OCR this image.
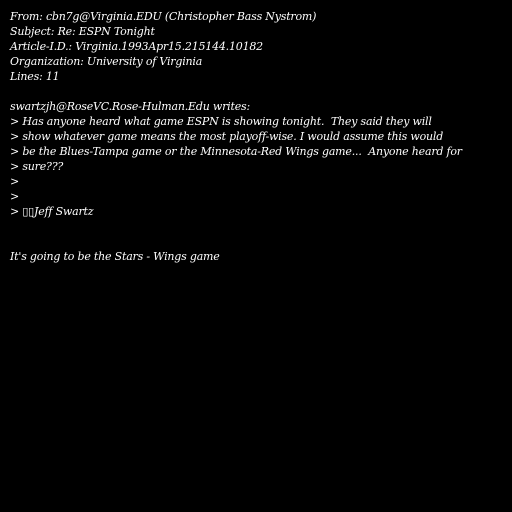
From: cbn7g@Virginia.EDU (Christopher Bass Nystrom)

Subject: Re: ESPN Tonight

Article-I.D.: Virginia.1993Apr15.215144.10182

Organization: University of Virginia

Lines: 11

swartzjh@RoseVC.Rose-Hulman.Edu writes:

> Has anyone heard what game ESPN is showing tonight.  They said they will

> show whatever game means the most playoff-wise. I would assume this would

> be the Blues-Tampa game or the Minnesota-Red Wings game...  Anyone heard for

> sure???

>

>

> ▯▯Jeff Swartz

It's going to be the Stars - Wings game
